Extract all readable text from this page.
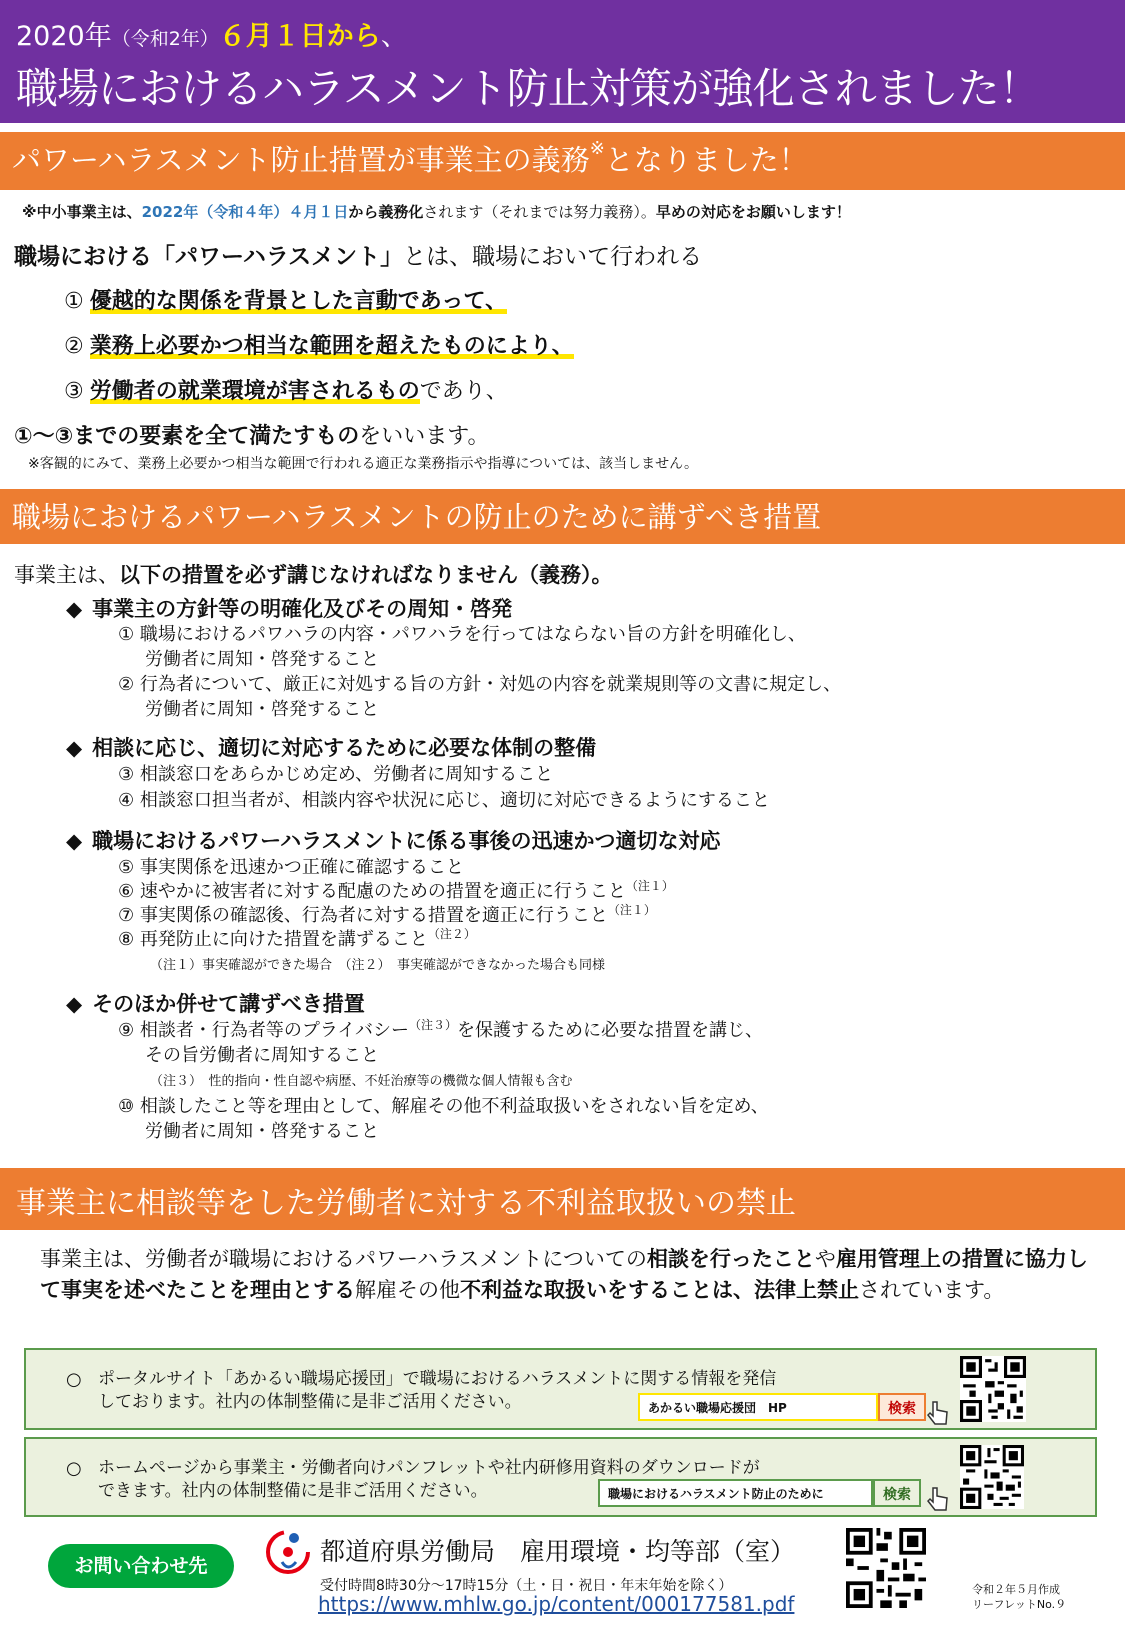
2020年（令和2年）６月１日から、
職場におけるハラスメント防止対策が強化されました！
パワーハラスメント防止措置が事業主の義務※となりました！
※中小事業主は、2022年（令和４年）４月１日から義務化されます（それまでは努力義務）。早めの対応をお願いします！
職場における「パワーハラスメント」とは、職場において行われる
① 優越的な関係を背景とした言動であって、
② 業務上必要かつ相当な範囲を超えたものにより、
③ 労働者の就業環境が害されるものであり、
①～③までの要素を全て満たすものをいいます。
※客観的にみて、業務上必要かつ相当な範囲で行われる適正な業務指示や指導については、該当しません。
職場におけるパワーハラスメントの防止のために講ずべき措置
事業主は、以下の措置を必ず講じなければなりません（義務）。
◆ 事業主の方針等の明確化及びその周知・啓発
① 職場におけるパワハラの内容・パワハラを行ってはならない旨の方針を明確化し、
労働者に周知・啓発すること
② 行為者について、厳正に対処する旨の方針・対処の内容を就業規則等の文書に規定し、
労働者に周知・啓発すること
◆ 相談に応じ、適切に対応するために必要な体制の整備
③ 相談窓口をあらかじめ定め、労働者に周知すること
④ 相談窓口担当者が、相談内容や状況に応じ、適切に対応できるようにすること
◆ 職場におけるパワーハラスメントに係る事後の迅速かつ適切な対応
⑤ 事実関係を迅速かつ正確に確認すること
⑥ 速やかに被害者に対する配慮のための措置を適正に行うこと$^{(注1)}$
⑦ 事実関係の確認後、行為者に対する措置を適正に行うこと$^{(注1)}$
⑧ 再発防止に向けた措置を講ずること$^{(注2)}$
（注１）事実確認ができた場合　（注２）　事実確認ができなかった場合も同様
◆ そのほか併せて講ずべき措置
⑨ 相談者・行為者等のプライバシー$^{(注3)}$を保護するために必要な措置を講じ、
その旨労働者に周知すること
（注３）　性的指向・性自認や病歴、不妊治療等の機微な個人情報も含む
⑩ 相談したこと等を理由として、解雇その他不利益取扱いをされない旨を定め、
労働者に周知・啓発すること
事業主に相談等をした労働者に対する不利益取扱いの禁止
事業主は、労働者が職場におけるパワーハラスメントについての相談を行ったことや雇用管理上の措置に協力して事実を述べたことを理由とする解雇その他不利益な取扱いをすることは、法律上禁止されています。
○ ポータルサイト「あかるい職場応援団」で職場におけるハラスメントに関する情報を発信
しております。社内の体制整備に是非ご活用ください。	あかるい職場応援団　HP	検索
○ ホームページから事業主・労働者向けパンフレットや社内研修用資料のダウンロードが
できます。社内の体制整備に是非ご活用ください。	職場におけるハラスメント防止のために	検索
お問い合わせ先	都道府県労働局　雇用環境・均等部（室）
受付時間8時30分～17時15分（土・日・祝日・年末年始を除く）
https://www.mhlw.go.jp/content/000177581.pdf
令和２年５月作成
リーフレットNo.９
